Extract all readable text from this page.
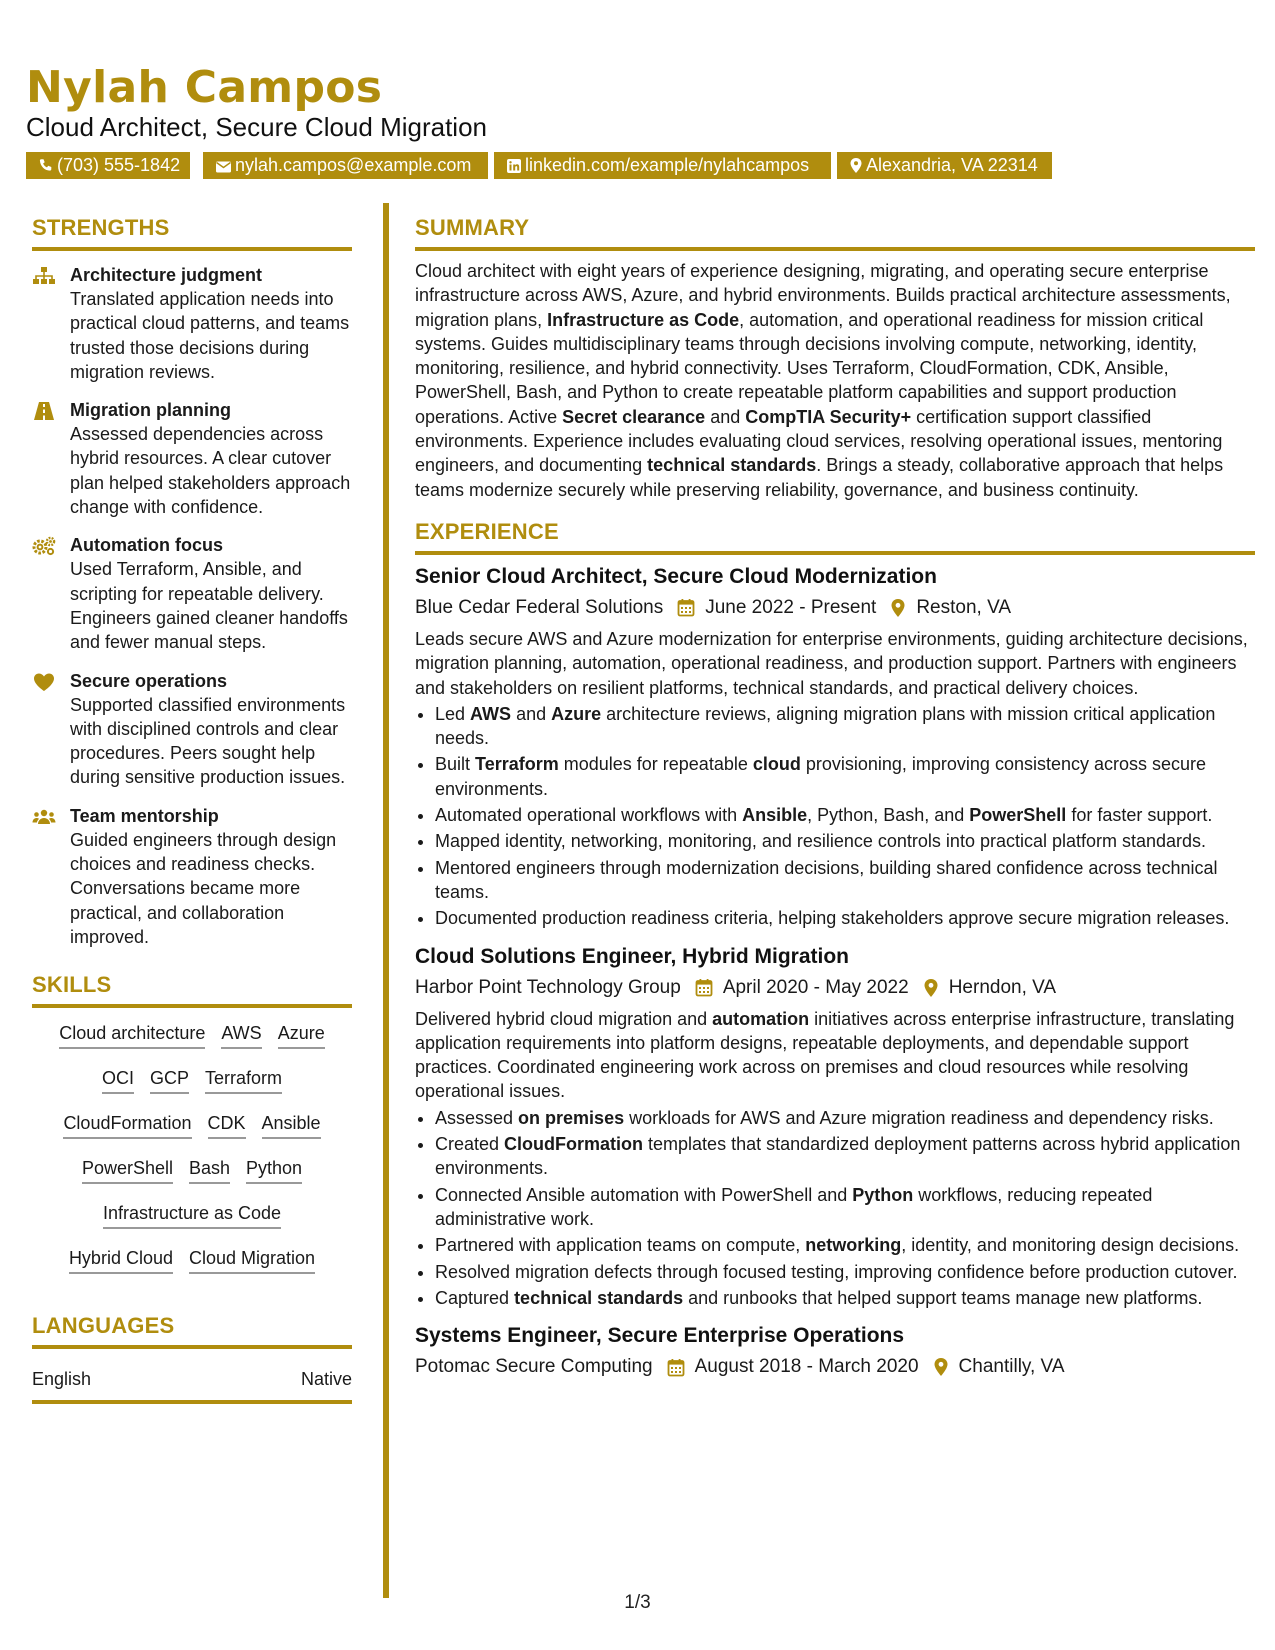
Nylah Campos
Cloud Architect, Secure Cloud Migration
(703) 555-1842	nylah.campos@example.com	linkedin.com/example/nylahcampos	Alexandria, VA 22314
STRENGTHS
Architecture judgment
Translated application needs into practical cloud patterns, and teams trusted those decisions during migration reviews.
Migration planning
Assessed dependencies across hybrid resources. A clear cutover plan helped stakeholders approach change with confidence.
Automation focus
Used Terraform, Ansible, and scripting for repeatable delivery. Engineers gained cleaner handoffs and fewer manual steps.
Secure operations
Supported classified environments with disciplined controls and clear procedures. Peers sought help during sensitive production issues.
Team mentorship
Guided engineers through design choices and readiness checks. Conversations became more practical, and collaboration improved.
SKILLS
Cloud architecture AWS Azure
OCI GCP Terraform
CloudFormation CDK Ansible
PowerShell Bash Python
Infrastructure as Code
Hybrid Cloud Cloud Migration
LANGUAGES
English	Native
SUMMARY

Cloud architect with eight years of experience designing, migrating, and operating secure enterprise infrastructure across AWS, Azure, and hybrid environments. Builds practical architecture assessments, migration plans, Infrastructure as Code, automation, and operational readiness for mission critical systems. Guides multidisciplinary teams through decisions involving compute, networking, identity, monitoring, resilience, and hybrid connectivity. Uses Terraform, CloudFormation, CDK, Ansible, PowerShell, Bash, and Python to create repeatable platform capabilities and support production operations. Active Secret clearance and CompTIA Security+ certification support classified environments. Experience includes evaluating cloud services, resolving operational issues, mentoring engineers, and documenting technical standards. Brings a steady, collaborative approach that helps teams modernize securely while preserving reliability, governance, and business continuity.

EXPERIENCE
Senior Cloud Architect, Secure Cloud Modernization
Blue Cedar Federal Solutions June 2022 - Present Reston, VA

Leads secure AWS and Azure modernization for enterprise environments, guiding architecture decisions, migration planning, automation, operational readiness, and production support. Partners with engineers and stakeholders on resilient platforms, technical standards, and practical delivery choices.

• Led AWS and Azure architecture reviews, aligning migration plans with mission critical application needs.
• Built Terraform modules for repeatable cloud provisioning, improving consistency across secure environments.
• Automated operational workflows with Ansible, Python, Bash, and PowerShell for faster support.
• Mapped identity, networking, monitoring, and resilience controls into practical platform standards.
• Mentored engineers through modernization decisions, building shared confidence across technical teams.
• Documented production readiness criteria, helping stakeholders approve secure migration releases.
Cloud Solutions Engineer, Hybrid Migration
Harbor Point Technology Group April 2020 - May 2022 Herndon, VA

Delivered hybrid cloud migration and automation initiatives across enterprise infrastructure, translating application requirements into platform designs, repeatable deployments, and dependable support practices. Coordinated engineering work across on premises and cloud resources while resolving operational issues.

• Assessed on premises workloads for AWS and Azure migration readiness and dependency risks.
• Created CloudFormation templates that standardized deployment patterns across hybrid application environments.
• Connected Ansible automation with PowerShell and Python workflows, reducing repeated administrative work.
• Partnered with application teams on compute, networking, identity, and monitoring design decisions.
• Resolved migration defects through focused testing, improving confidence before production cutover.
• Captured technical standards and runbooks that helped support teams manage new platforms.
Systems Engineer, Secure Enterprise Operations
Potomac Secure Computing August 2018 - March 2020 Chantilly, VA
1/3
